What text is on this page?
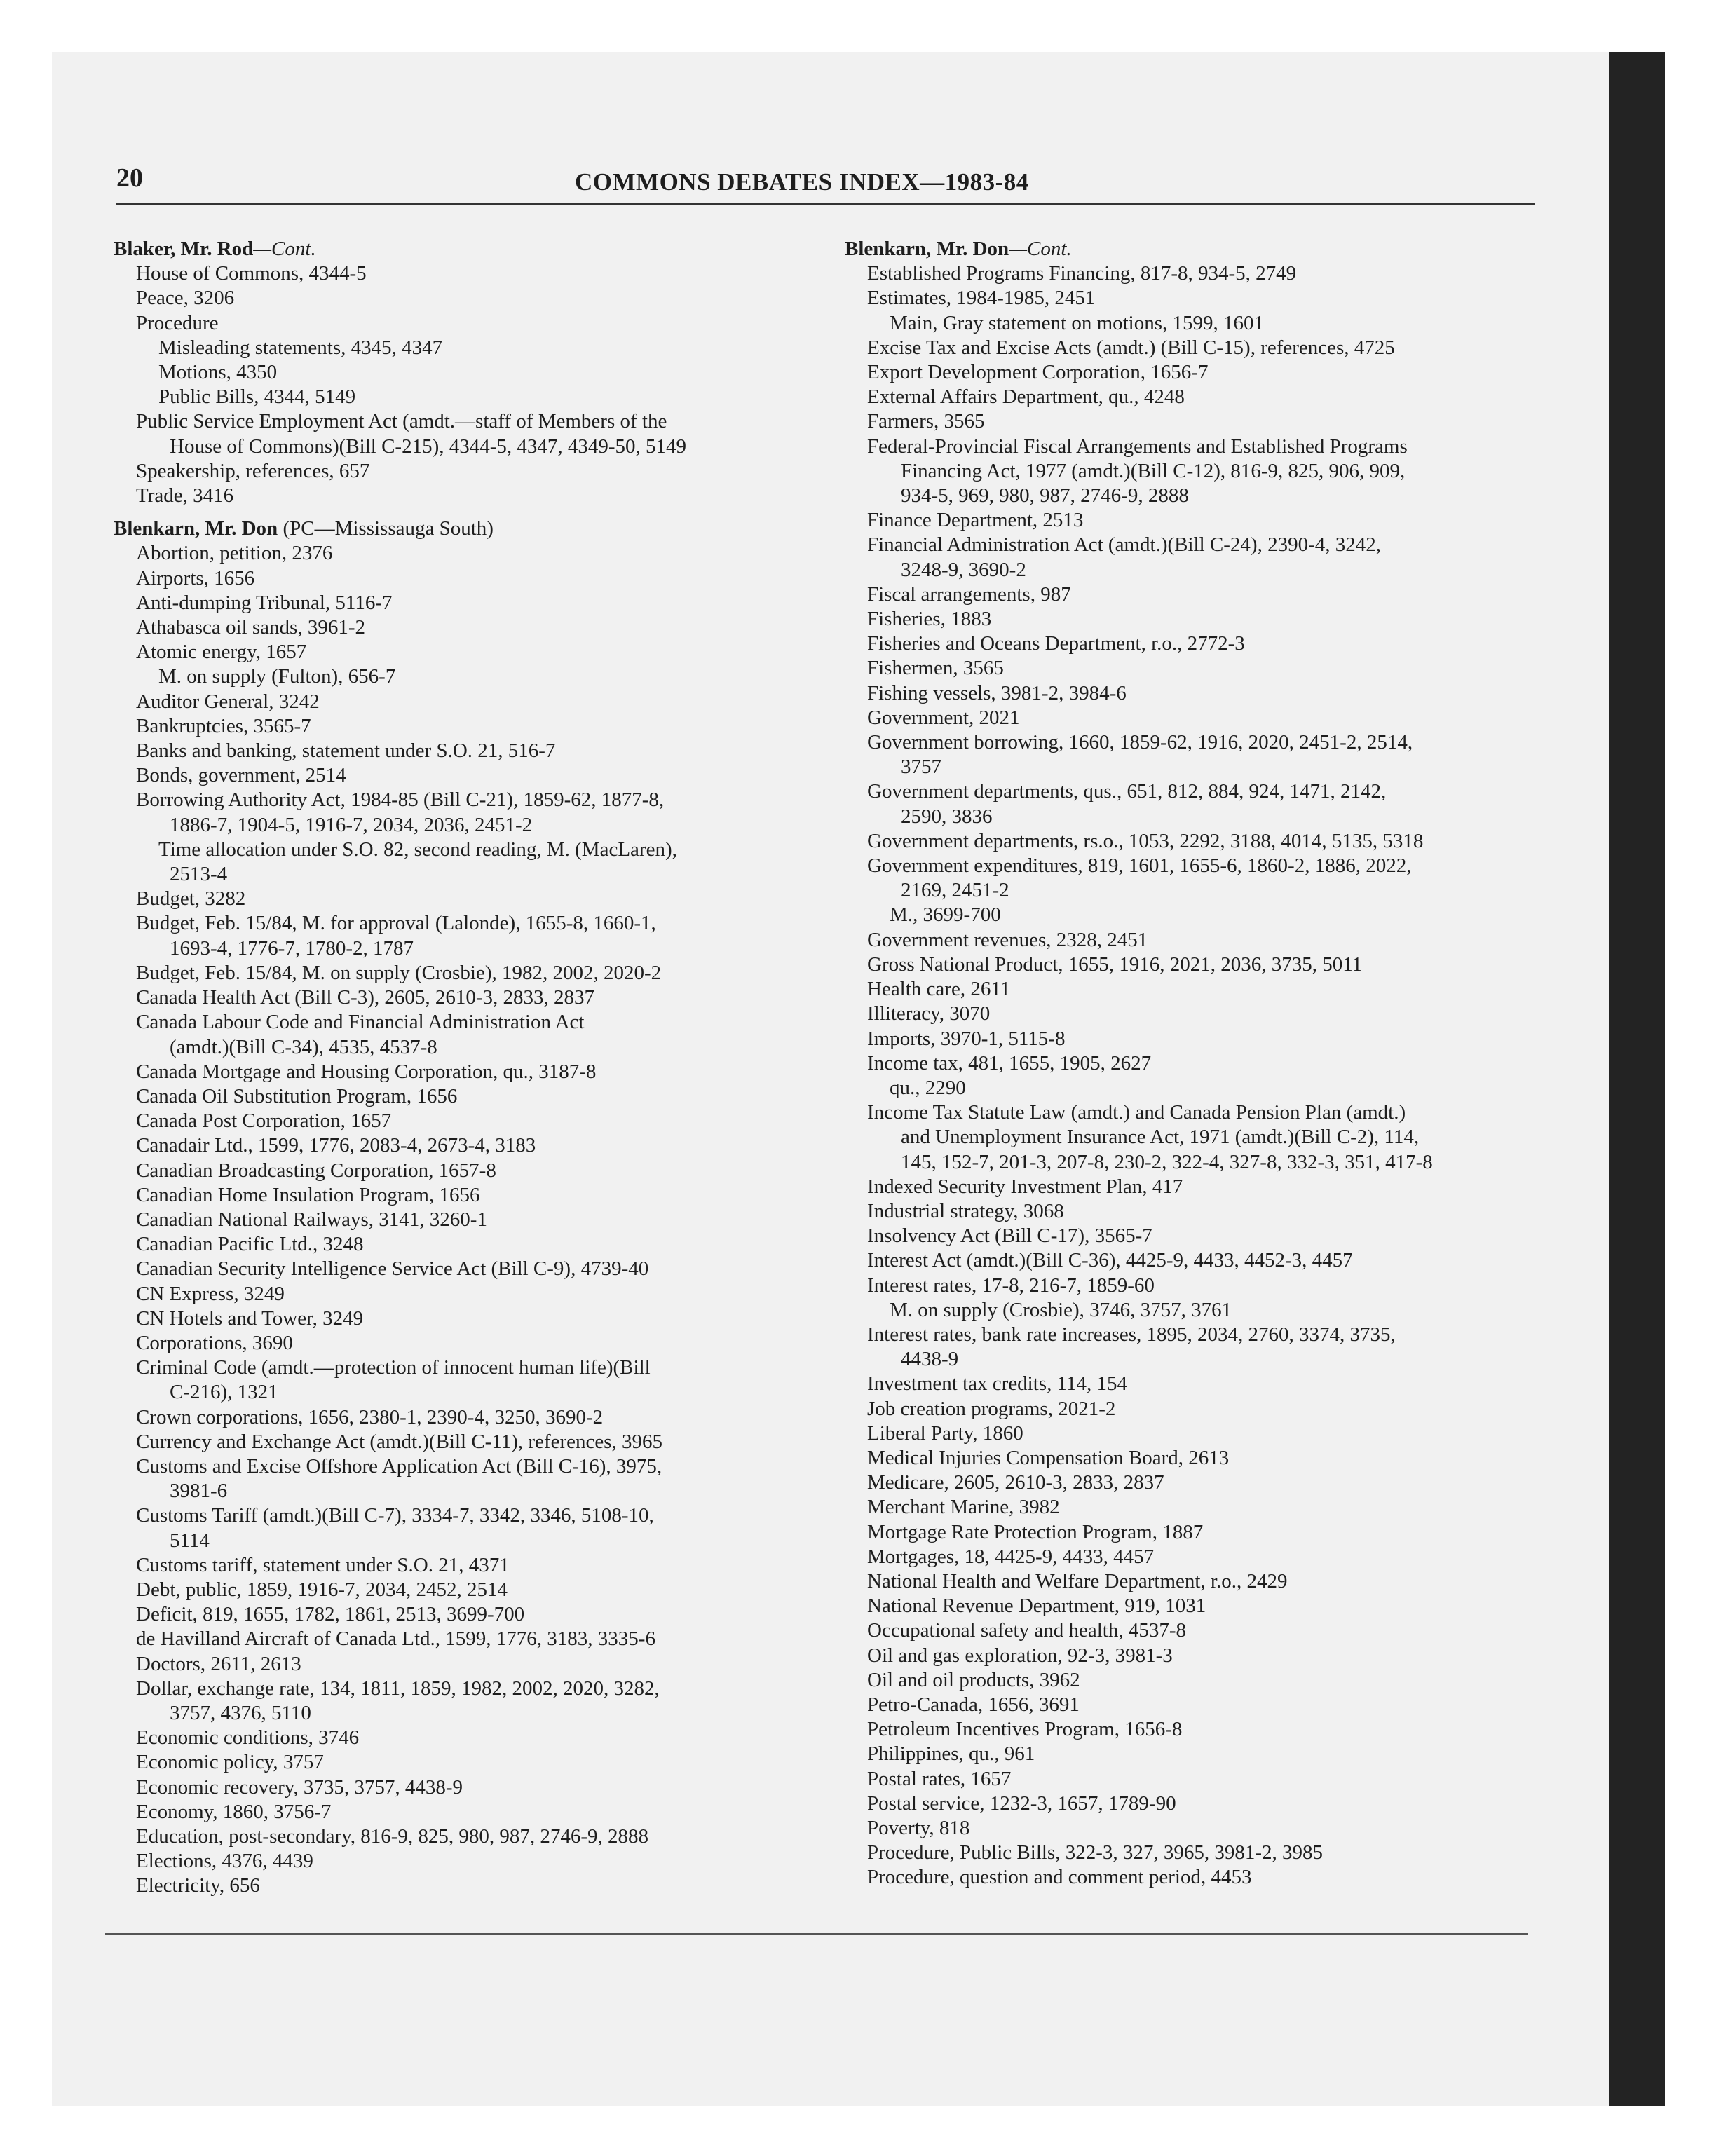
20	COMMONS DEBATES INDEX—1983-84
Blaker, Mr. Rod—Cont.
House of Commons, 4344-5
Peace, 3206
Procedure
Misleading statements, 4345, 4347
Motions, 4350
Public Bills, 4344, 5149
Public Service Employment Act (amdt.—staff of Members of the
House of Commons)(Bill C-215), 4344-5, 4347, 4349-50, 5149
Speakership, references, 657
Trade, 3416
Blenkarn, Mr. Don (PC—Mississauga South)
Abortion, petition, 2376
Airports, 1656
Anti-dumping Tribunal, 5116-7
Athabasca oil sands, 3961-2
Atomic energy, 1657
M. on supply (Fulton), 656-7
Auditor General, 3242
Bankruptcies, 3565-7
Banks and banking, statement under S.O. 21, 516-7
Bonds, government, 2514
Borrowing Authority Act, 1984-85 (Bill C-21), 1859-62, 1877-8,
1886-7, 1904-5, 1916-7, 2034, 2036, 2451-2
Time allocation under S.O. 82, second reading, M. (MacLaren),
2513-4
Budget, 3282
Budget, Feb. 15/84, M. for approval (Lalonde), 1655-8, 1660-1,
1693-4, 1776-7, 1780-2, 1787
Budget, Feb. 15/84, M. on supply (Crosbie), 1982, 2002, 2020-2
Canada Health Act (Bill C-3), 2605, 2610-3, 2833, 2837
Canada Labour Code and Financial Administration Act
(amdt.)(Bill C-34), 4535, 4537-8
Canada Mortgage and Housing Corporation, qu., 3187-8
Canada Oil Substitution Program, 1656
Canada Post Corporation, 1657
Canadair Ltd., 1599, 1776, 2083-4, 2673-4, 3183
Canadian Broadcasting Corporation, 1657-8
Canadian Home Insulation Program, 1656
Canadian National Railways, 3141, 3260-1
Canadian Pacific Ltd., 3248
Canadian Security Intelligence Service Act (Bill C-9), 4739-40
CN Express, 3249
CN Hotels and Tower, 3249
Corporations, 3690
Criminal Code (amdt.—protection of innocent human life)(Bill
C-216), 1321
Crown corporations, 1656, 2380-1, 2390-4, 3250, 3690-2
Currency and Exchange Act (amdt.)(Bill C-11), references, 3965
Customs and Excise Offshore Application Act (Bill C-16), 3975,
3981-6
Customs Tariff (amdt.)(Bill C-7), 3334-7, 3342, 3346, 5108-10,
5114
Customs tariff, statement under S.O. 21, 4371
Debt, public, 1859, 1916-7, 2034, 2452, 2514
Deficit, 819, 1655, 1782, 1861, 2513, 3699-700
de Havilland Aircraft of Canada Ltd., 1599, 1776, 3183, 3335-6
Doctors, 2611, 2613
Dollar, exchange rate, 134, 1811, 1859, 1982, 2002, 2020, 3282,
3757, 4376, 5110
Economic conditions, 3746
Economic policy, 3757
Economic recovery, 3735, 3757, 4438-9
Economy, 1860, 3756-7
Education, post-secondary, 816-9, 825, 980, 987, 2746-9, 2888
Elections, 4376, 4439
Electricity, 656
Blenkarn, Mr. Don—Cont.
Established Programs Financing, 817-8, 934-5, 2749
Estimates, 1984-1985, 2451
Main, Gray statement on motions, 1599, 1601
Excise Tax and Excise Acts (amdt.) (Bill C-15), references, 4725
Export Development Corporation, 1656-7
External Affairs Department, qu., 4248
Farmers, 3565
Federal-Provincial Fiscal Arrangements and Established Programs
Financing Act, 1977 (amdt.)(Bill C-12), 816-9, 825, 906, 909,
934-5, 969, 980, 987, 2746-9, 2888
Finance Department, 2513
Financial Administration Act (amdt.)(Bill C-24), 2390-4, 3242,
3248-9, 3690-2
Fiscal arrangements, 987
Fisheries, 1883
Fisheries and Oceans Department, r.o., 2772-3
Fishermen, 3565
Fishing vessels, 3981-2, 3984-6
Government, 2021
Government borrowing, 1660, 1859-62, 1916, 2020, 2451-2, 2514,
3757
Government departments, qus., 651, 812, 884, 924, 1471, 2142,
2590, 3836
Government departments, rs.o., 1053, 2292, 3188, 4014, 5135, 5318
Government expenditures, 819, 1601, 1655-6, 1860-2, 1886, 2022,
2169, 2451-2
M., 3699-700
Government revenues, 2328, 2451
Gross National Product, 1655, 1916, 2021, 2036, 3735, 5011
Health care, 2611
Illiteracy, 3070
Imports, 3970-1, 5115-8
Income tax, 481, 1655, 1905, 2627
qu., 2290
Income Tax Statute Law (amdt.) and Canada Pension Plan (amdt.)
and Unemployment Insurance Act, 1971 (amdt.)(Bill C-2), 114,
145, 152-7, 201-3, 207-8, 230-2, 322-4, 327-8, 332-3, 351, 417-8
Indexed Security Investment Plan, 417
Industrial strategy, 3068
Insolvency Act (Bill C-17), 3565-7
Interest Act (amdt.)(Bill C-36), 4425-9, 4433, 4452-3, 4457
Interest rates, 17-8, 216-7, 1859-60
M. on supply (Crosbie), 3746, 3757, 3761
Interest rates, bank rate increases, 1895, 2034, 2760, 3374, 3735,
4438-9
Investment tax credits, 114, 154
Job creation programs, 2021-2
Liberal Party, 1860
Medical Injuries Compensation Board, 2613
Medicare, 2605, 2610-3, 2833, 2837
Merchant Marine, 3982
Mortgage Rate Protection Program, 1887
Mortgages, 18, 4425-9, 4433, 4457
National Health and Welfare Department, r.o., 2429
National Revenue Department, 919, 1031
Occupational safety and health, 4537-8
Oil and gas exploration, 92-3, 3981-3
Oil and oil products, 3962
Petro-Canada, 1656, 3691
Petroleum Incentives Program, 1656-8
Philippines, qu., 961
Postal rates, 1657
Postal service, 1232-3, 1657, 1789-90
Poverty, 818
Procedure, Public Bills, 322-3, 327, 3965, 3981-2, 3985
Procedure, question and comment period, 4453
